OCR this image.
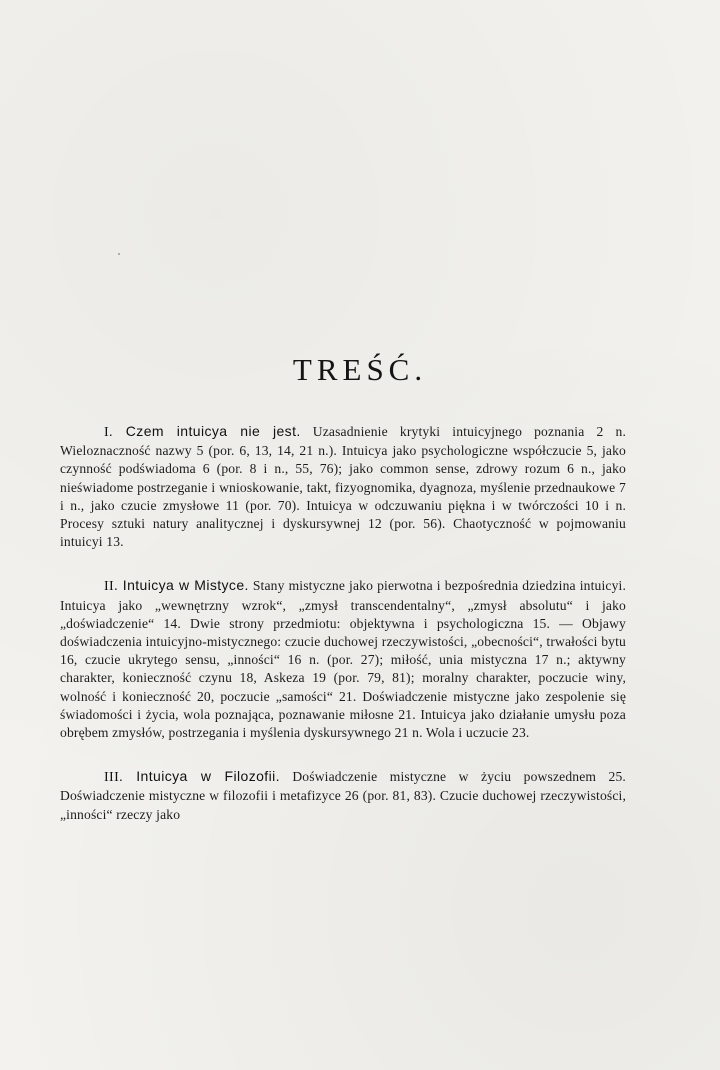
TREŚĆ.

I. Czem intuicya nie jest. Uzasadnienie krytyki intuicyjnego poznania 2 n. Wieloznaczność nazwy 5 (por. 6, 13, 14, 21 n.). Intuicya jako psychologiczne współczucie 5, jako czynność podświadoma 6 (por. 8 i n., 55, 76); jako common sense, zdrowy rozum 6 n., jako nieświadome postrzeganie i wnioskowanie, takt, fizyognomika, dyagnoza, myślenie przednaukowe 7 i n., jako czucie zmysłowe 11 (por. 70). Intuicya w odczuwaniu piękna i w twórczości 10 i n. Procesy sztuki natury analitycznej i dyskursywnej 12 (por. 56). Chaotyczność w pojmowaniu intuicyi 13.

II. Intuicya w Mistyce. Stany mistyczne jako pierwotna i bezpośrednia dziedzina intuicyi. Intuicya jako „wewnętrzny wzrok“, „zmysł transcendentalny“, „zmysł absolutu“ i jako „doświadczenie“ 14. Dwie strony przedmiotu: objektywna i psychologiczna 15. — Objawy doświadczenia intuicyjno-mistycznego: czucie duchowej rzeczywistości, „obecności“, trwałości bytu 16, czucie ukrytego sensu, „inności“ 16 n. (por. 27); miłość, unia mistyczna 17 n.; aktywny charakter, konieczność czynu 18, Askeza 19 (por. 79, 81); moralny charakter, poczucie winy, wolność i konieczność 20, poczucie „samości“ 21. Doświadczenie mistyczne jako zespolenie się świadomości i życia, wola poznająca, poznawanie miłosne 21. Intuicya jako działanie umysłu poza obrębem zmysłów, postrzegania i myślenia dyskursywnego 21 n. Wola i uczucie 23.

III. Intuicya w Filozofii. Doświadczenie mistyczne w życiu powszednem 25. Doświadczenie mistyczne w filozofii i metafizyce 26 (por. 81, 83). Czucie duchowej rzeczywistości, „inności“ rzeczy jako
